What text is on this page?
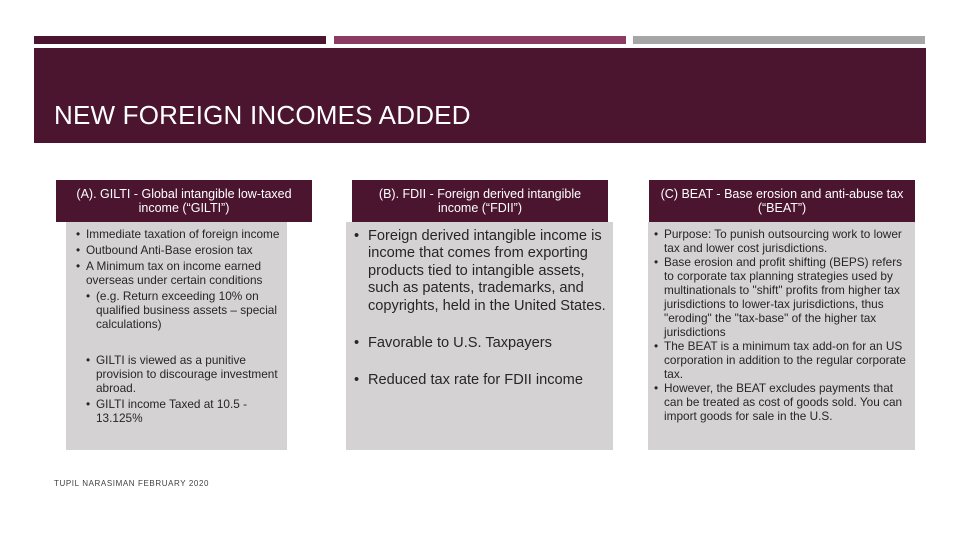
NEW FOREIGN INCOMES ADDED
(A). GILTI - Global intangible low-taxed income (“GILTI”)
• Immediate taxation of foreign income
• Outbound Anti-Base erosion tax
• A Minimum tax on income earned overseas under certain conditions
• (e.g. Return exceeding 10% on qualified business assets – special calculations)
• GILTI is viewed as a punitive provision to discourage investment abroad.
• GILTI income Taxed at 10.5 - 13.125%
(B). FDII - Foreign derived intangible income (“FDII”)
• Foreign derived intangible income is income that comes from exporting products tied to intangible assets, such as patents, trademarks, and copyrights, held in the United States.
• Favorable to U.S. Taxpayers
• Reduced tax rate for FDII income
(C) BEAT - Base erosion and anti-abuse tax (“BEAT”)
• Purpose: To punish outsourcing work to lower tax and lower cost jurisdictions.
• Base erosion and profit shifting (BEPS) refers to corporate tax planning strategies used by multinationals to "shift" profits from higher tax jurisdictions to lower-tax jurisdictions, thus "eroding" the "tax-base" of the higher tax jurisdictions
• The BEAT is a minimum tax add-on for an US corporation in addition to the regular corporate tax.
• However, the BEAT excludes payments that can be treated as cost of goods sold. You can import goods for sale in the U.S.
TUPIL NARASIMAN FEBRUARY 2020
